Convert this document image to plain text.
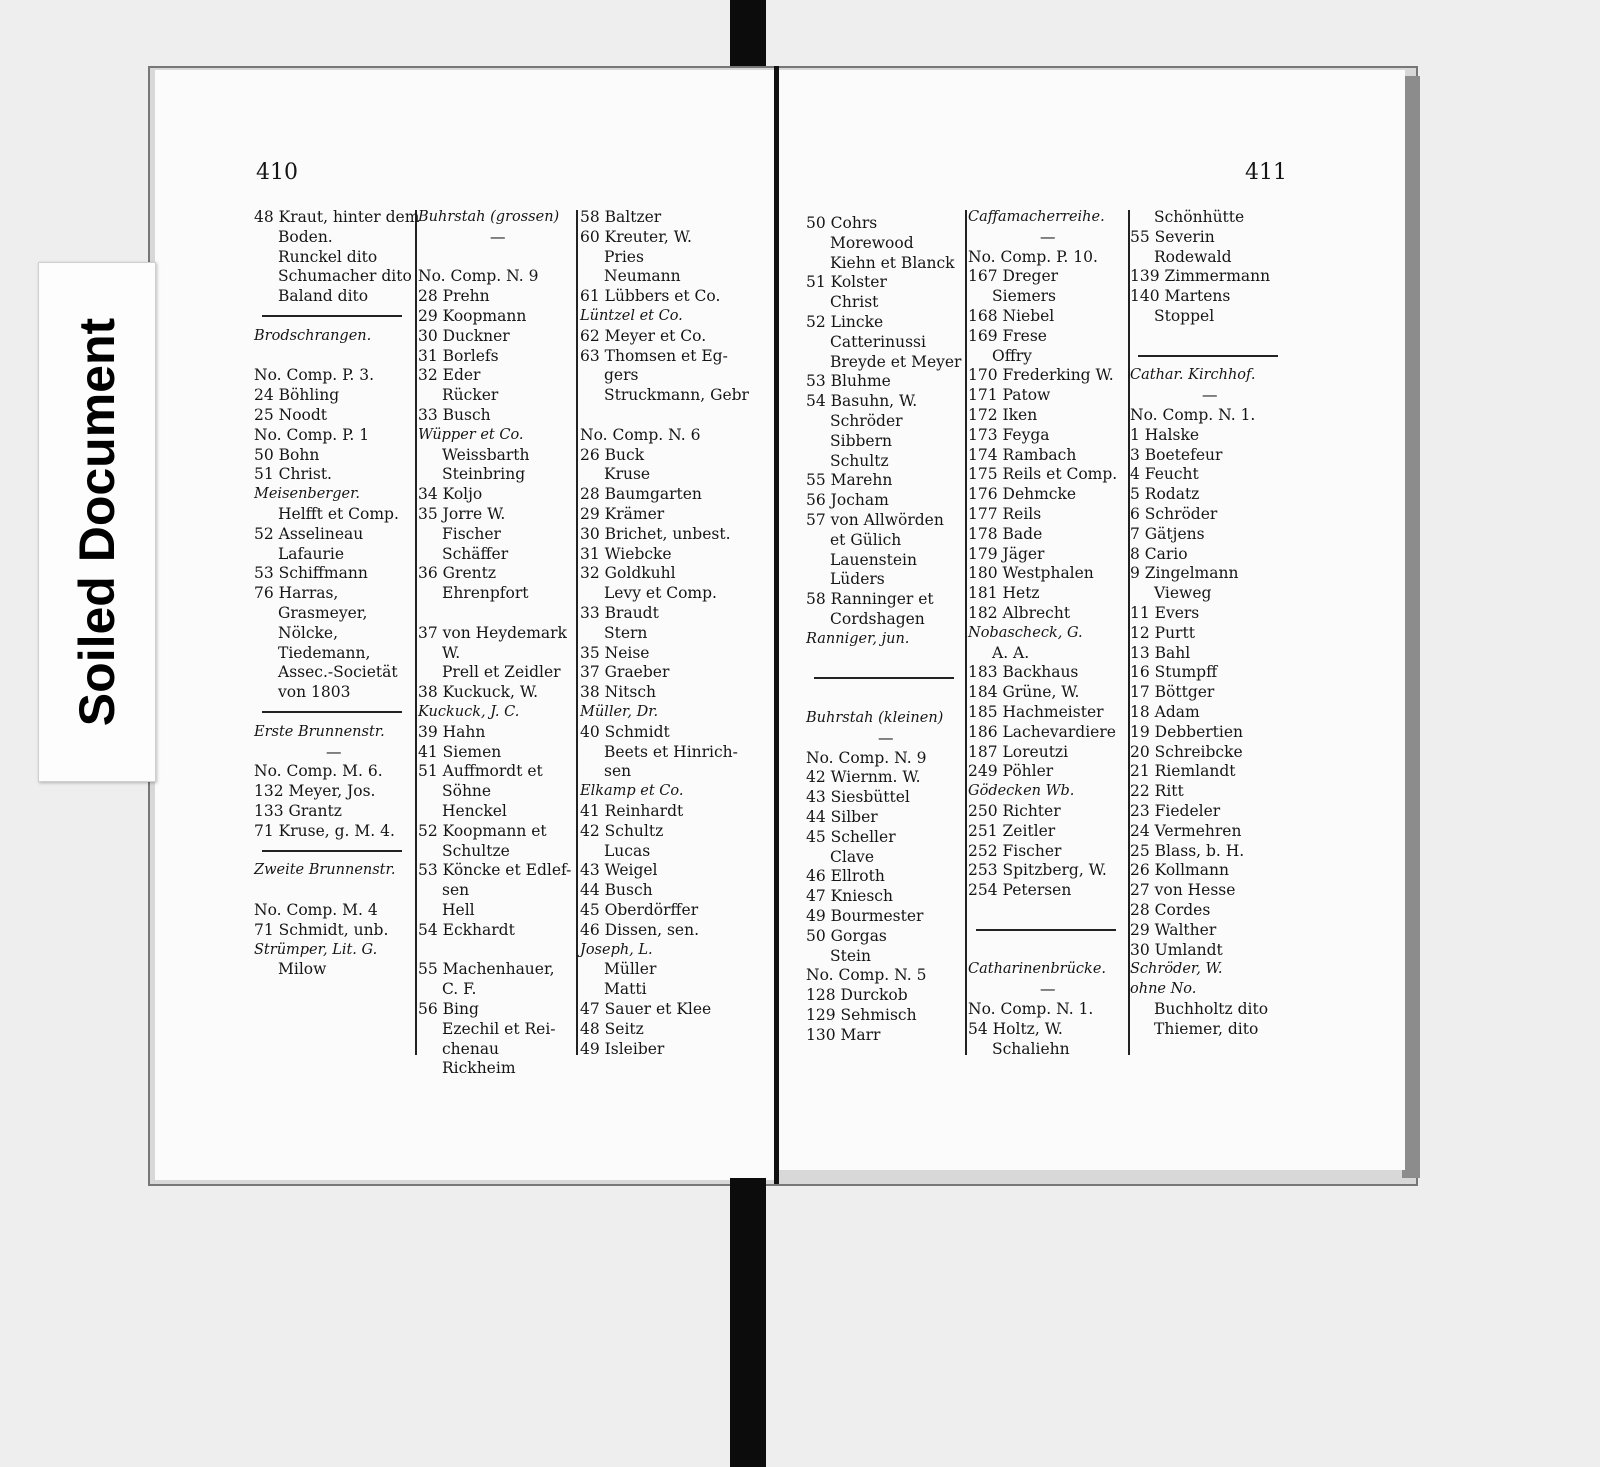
410	411
48 Kraut, hinter dem
Boden.
Runckel dito
Schumacher dito
Baland dito
Brodschrangen.
No. Comp. P. 3.
24 Böhling
25 Noodt
No. Comp. P. 1
50 Bohn
51 Christ.
Meisenberger.
Helfft et Comp.
52 Asselineau
Lafaurie
53 Schiffmann
76 Harras,
Grasmeyer,
Nölcke,
Tiedemann,
Assec.-Societät
von 1803
Erste Brunnenstr.
—
No. Comp. M. 6.
132 Meyer, Jos.
133 Grantz
71 Kruse, g. M. 4.
Zweite Brunnenstr.
No. Comp. M. 4
71 Schmidt, unb.
Strümper, Lit. G.
Milow
Buhrstah (grossen)
—
No. Comp. N. 9
28 Prehn
29 Koopmann
30 Duckner
31 Borlefs
32 Eder
Rücker
33 Busch
Wüpper et Co.
Weissbarth
Steinbring
34 Koljo
35 Jorre W.
Fischer
Schäffer
36 Grentz
Ehrenpfort
37 von Heydemark
W.
Prell et Zeidler
38 Kuckuck, W.
Kuckuck, J. C.
39 Hahn
41 Siemen
51 Auffmordt et
Söhne
Henckel
52 Koopmann et
Schultze
53 Köncke et Edlef-
sen
Hell
54 Eckhardt
55 Machenhauer,
C. F.
56 Bing
Ezechil et Rei-
chenau
Rickheim
58 Baltzer
60 Kreuter, W.
Pries
Neumann
61 Lübbers et Co.
Lüntzel et Co.
62 Meyer et Co.
63 Thomsen et Eg-
gers
Struckmann, Gebr
No. Comp. N. 6
26 Buck
Kruse
28 Baumgarten
29 Krämer
30 Brichet, unbest.
31 Wiebcke
32 Goldkuhl
Levy et Comp.
33 Braudt
Stern
35 Neise
37 Graeber
38 Nitsch
Müller, Dr.
40 Schmidt
Beets et Hinrich-
sen
Elkamp et Co.
41 Reinhardt
42 Schultz
Lucas
43 Weigel
44 Busch
45 Oberdörffer
46 Dissen, sen.
Joseph, L.
Müller
Matti
47 Sauer et Klee
48 Seitz
49 Isleiber
50 Cohrs
Morewood
Kiehn et Blanck
51 Kolster
Christ
52 Lincke
Catterinussi
Breyde et Meyer
53 Bluhme
54 Basuhn, W.
Schröder
Sibbern
Schultz
55 Marehn
56 Jocham
57 von Allwörden
et Gülich
Lauenstein
Lüders
58 Ranninger et
Cordshagen
Ranniger, jun.
Buhrstah (kleinen)
—
No. Comp. N. 9
42 Wiernm. W.
43 Siesbüttel
44 Silber
45 Scheller
Clave
46 Ellroth
47 Kniesch
49 Bourmester
50 Gorgas
Stein
No. Comp. N. 5
128 Durckob
129 Sehmisch
130 Marr
Caffamacherreihe.
—
No. Comp. P. 10.
167 Dreger
Siemers
168 Niebel
169 Frese
Offry
170 Frederking W.
171 Patow
172 Iken
173 Feyga
174 Rambach
175 Reils et Comp.
176 Dehmcke
177 Reils
178 Bade
179 Jäger
180 Westphalen
181 Hetz
182 Albrecht
Nobascheck, G.
A. A.
183 Backhaus
184 Grüne, W.
185 Hachmeister
186 Lachevardiere
187 Loreutzi
249 Pöhler
Gödecken Wb.
250 Richter
251 Zeitler
252 Fischer
253 Spitzberg, W.
254 Petersen
Catharinenbrücke.
—
No. Comp. N. 1.
54 Holtz, W.
Schaliehn
Schönhütte
55 Severin
Rodewald
139 Zimmermann
140 Martens
Stoppel
Cathar. Kirchhof.
—
No. Comp. N. 1.
1 Halske
3 Boetefeur
4 Feucht
5 Rodatz
6 Schröder
7 Gätjens
8 Cario
9 Zingelmann
Vieweg
11 Evers
12 Purtt
13 Bahl
16 Stumpff
17 Böttger
18 Adam
19 Debbertien
20 Schreibcke
21 Riemlandt
22 Ritt
23 Fiedeler
24 Vermehren
25 Blass, b. H.
26 Kollmann
27 von Hesse
28 Cordes
29 Walther
30 Umlandt
Schröder, W.
ohne No.
Buchholtz dito
Thiemer, dito
Soiled Document
